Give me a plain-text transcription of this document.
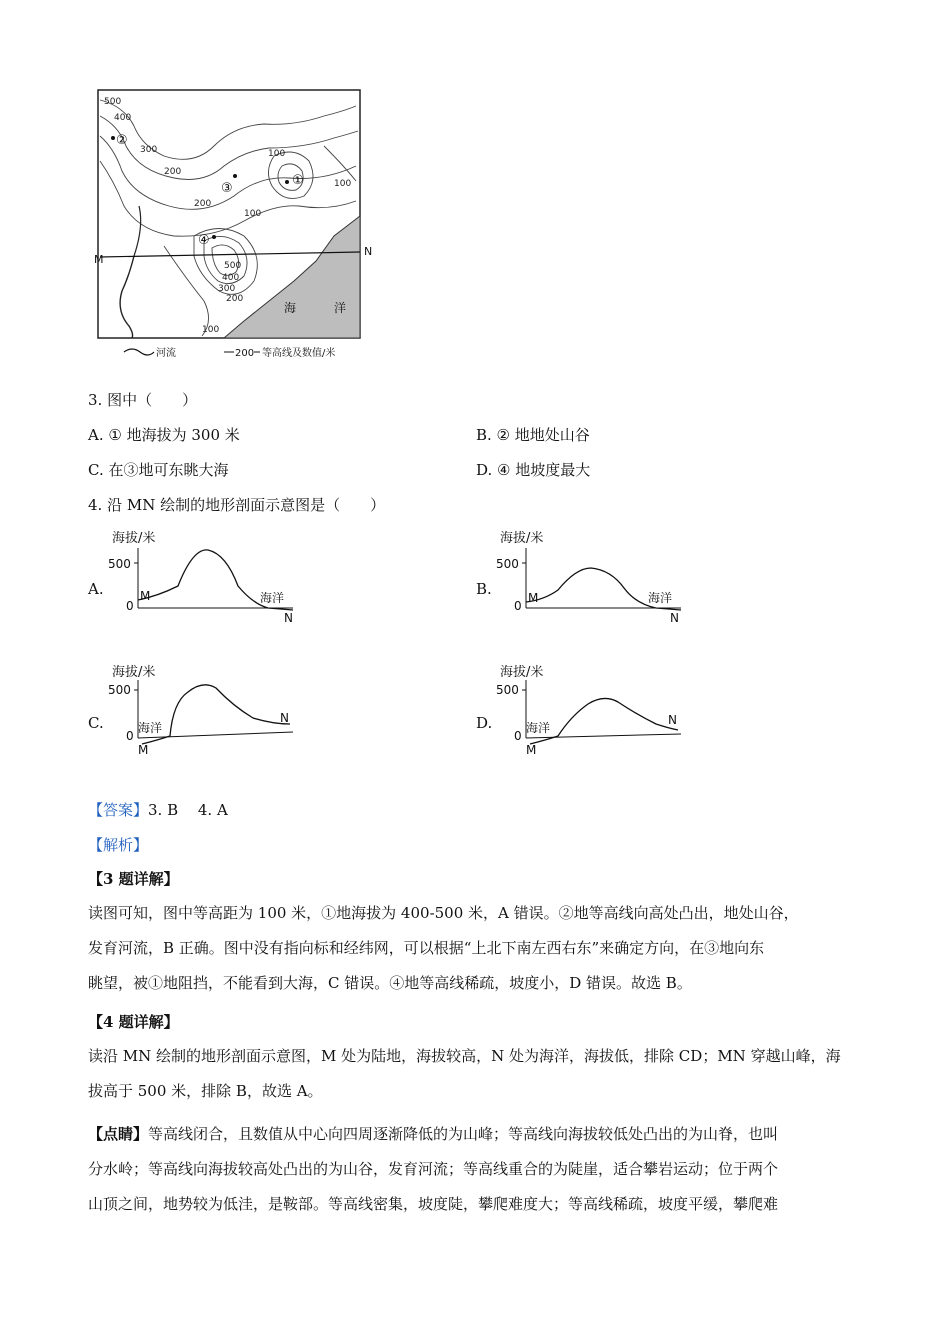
500
400
300
200
100
100
500
400
300
200
100
200
100
①
②
③
④
M
N
海	洋
河流	200 等高线及数值/米
3. 图中（　　）
A. ① 地海拔为 300 米	B. ② 地地处山谷
C. 在③地可东眺大海	D. ④ 地坡度最大
4. 沿 MN 绘制的地形剖面示意图是（　　）
A.
海拔/米
500
0
M
N
海洋	B.
海拔/米
500
0
M
N
海洋
C.
海拔/米
500
0
M
N
海洋	D.
海拔/米
500
0
M
N
海洋
【答案】3. B　 4. A
【解析】
【3 题详解】
读图可知，图中等高距为 100 米，①地海拔为 400-500 米，A 错误。②地等高线向高处凸出，地处山谷，
发育河流，B 正确。图中没有指向标和经纬网，可以根据“上北下南左西右东”来确定方向，在③地向东
眺望，被①地阻挡，不能看到大海，C 错误。④地等高线稀疏，坡度小，D 错误。故选 B。
【4 题详解】
读沿 MN 绘制的地形剖面示意图，M 处为陆地，海拔较高，N 处为海洋，海拔低，排除 CD；MN 穿越山峰，海
拔高于 500 米，排除 B，故选 A。
【点睛】等高线闭合，且数值从中心向四周逐渐降低的为山峰；等高线向海拔较低处凸出的为山脊，也叫
分水岭；等高线向海拔较高处凸出的为山谷，发育河流；等高线重合的为陡崖，适合攀岩运动；位于两个
山顶之间，地势较为低洼，是鞍部。等高线密集，坡度陡，攀爬难度大；等高线稀疏，坡度平缓，攀爬难
